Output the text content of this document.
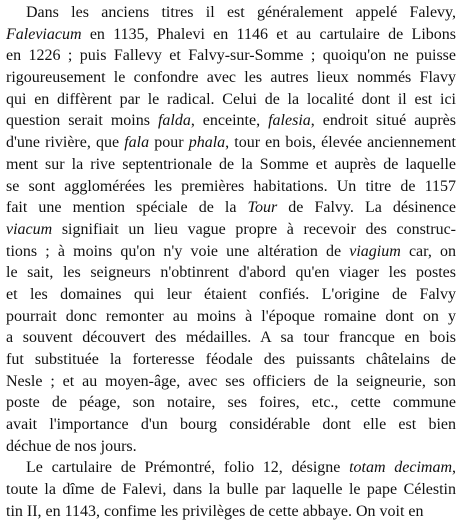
Dans les anciens titres il est généralement appelé Falevy,
Faleviacum en 1135, Phalevi en 1146 et au cartulaire de Libons
en 1226 ; puis Fallevy et Falvy-sur-Somme ; quoiqu'on ne puisse
rigoureusement le confondre avec les autres lieux nommés Flavy
qui en diffèrent par le radical. Celui de la localité dont il est ici
question serait moins falda, enceinte, falesia, endroit situé auprès
d'une rivière, que fala pour phala, tour en bois, élevée anciennement
ment sur la rive septentrionale de la Somme et auprès de laquelle
se sont agglomérées les premières habitations. Un titre de 1157
fait une mention spéciale de la Tour de Falvy. La désinence
viacum signifiait un lieu vague propre à recevoir des construc-
tions ; à moins qu'on n'y voie une altération de viagium car, on
le sait, les seigneurs n'obtinrent d'abord qu'en viager les postes
et les domaines qui leur étaient confiés. L'origine de Falvy
pourrait donc remonter au moins à l'époque romaine dont on y
a souvent découvert des médailles. A sa tour francque en bois
fut substituée la forteresse féodale des puissants châtelains de
Nesle ; et au moyen-âge, avec ses officiers de la seigneurie, son
poste de péage, son notaire, ses foires, etc., cette commune
avait l'importance d'un bourg considérable dont elle est bien
déchue de nos jours.
Le cartulaire de Prémontré, folio 12, désigne totam decimam,
toute la dîme de Falevi, dans la bulle par laquelle le pape Célestin
tin II, en 1143, confime les privilèges de cette abbaye. On voit en
